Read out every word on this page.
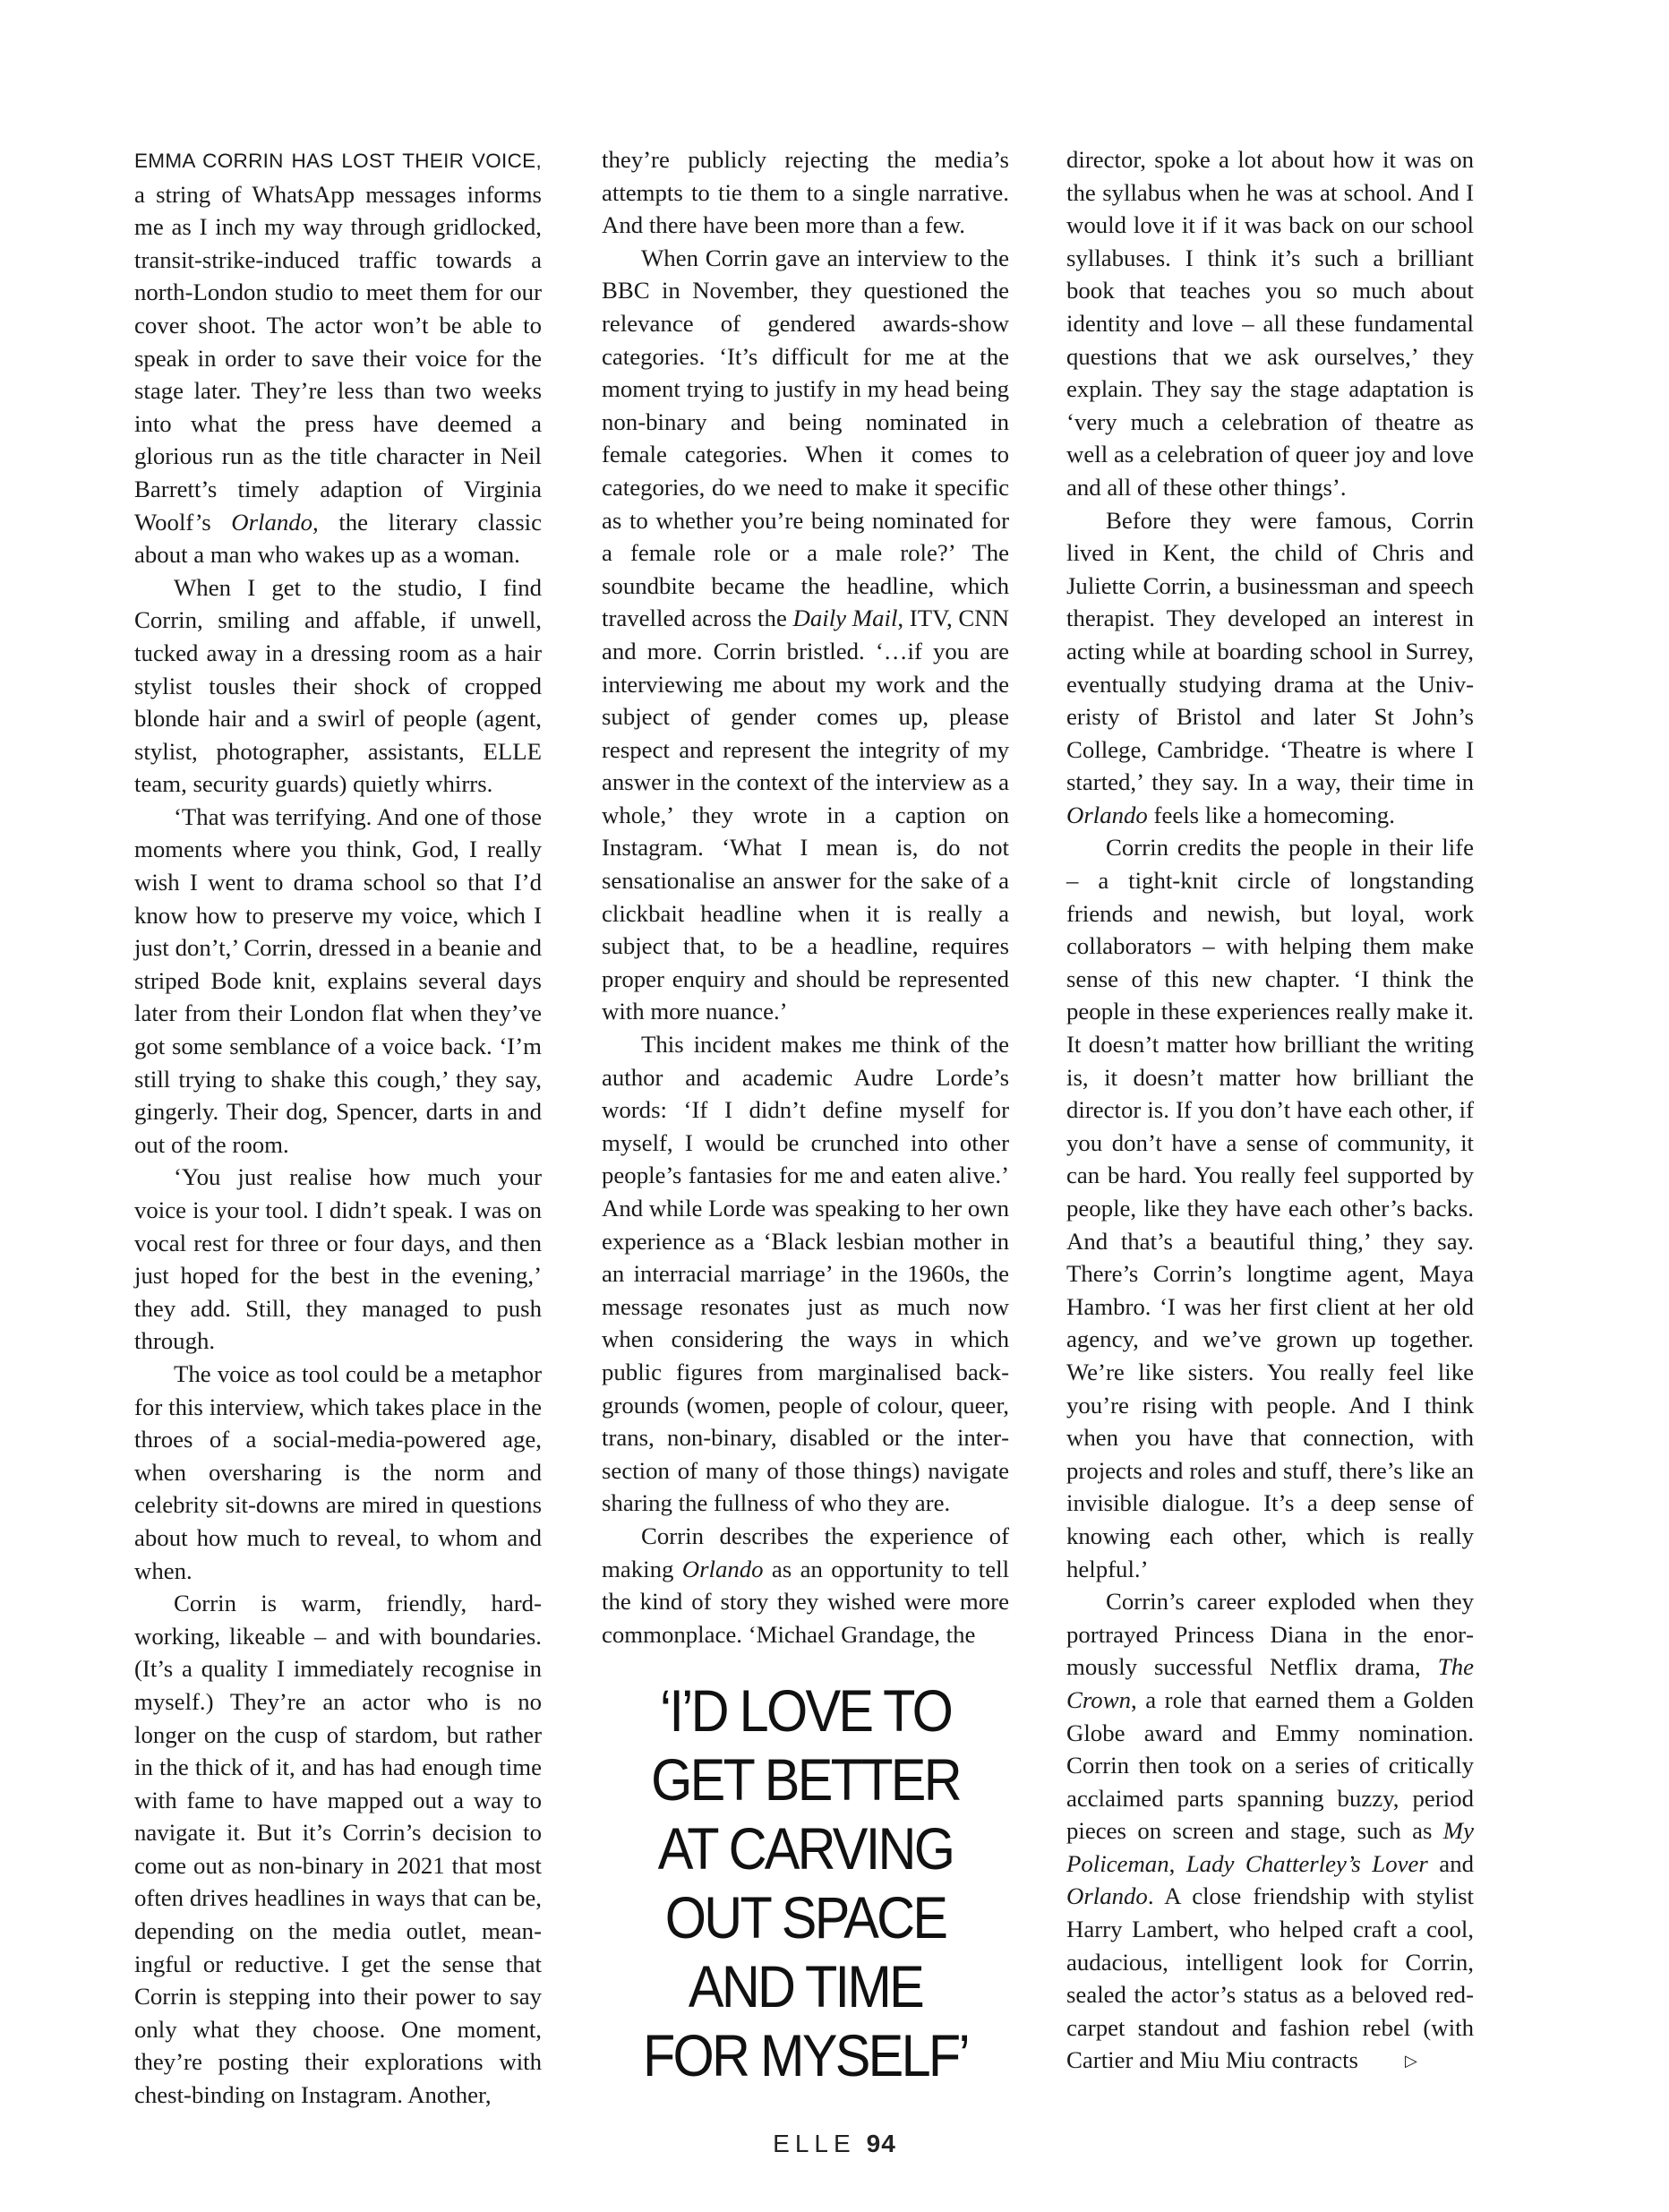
EMMA CORRIN HAS LOST THEIR VOICE, a string of WhatsApp messages informs me as I inch my way through gridlocked, transit-strike-induced traffic towards a north-London studio to meet them for our cover shoot. The actor won’t be able to speak in order to save their voice for the stage later. They’re less than two weeks into what the press have deemed a glorious run as the title character in Neil Barrett’s timely adaption of Virginia Woolf’s Orlando, the literary classic about a man who wakes up as a woman.

When I get to the studio, I find Corrin, smiling and affable, if unwell, tucked away in a dressing room as a hair stylist tousles their shock of cropped blonde hair and a swirl of people (agent, stylist, photographer, assistants, ELLE team, security guards) quietly whirrs.

‘That was terrifying. And one of those moments where you think, God, I really wish I went to drama school so that I’d know how to preserve my voice, which I just don’t,’ Corrin, dressed in a beanie and striped Bode knit, explains several days later from their London flat when they’ve got some semblance of a voice back. ‘I’m still trying to shake this cough,’ they say, gingerly. Their dog, Spencer, darts in and out of the room.

‘You just realise how much your voice is your tool. I didn’t speak. I was on vocal rest for three or four days, and then just hoped for the best in the evening,’ they add. Still, they managed to push through.

The voice as tool could be a metaphor for this interview, which takes place in the throes of a social-media-powered age, when oversharing is the norm and celebrity sit-downs are mired in questions about how much to reveal, to whom and when.

Corrin is warm, friendly, hardworking, likeable – and with boundaries. (It’s a quality I immediately recognise in myself.) They’re an actor who is no longer on the cusp of stardom, but rather in the thick of it, and has had enough time with fame to have mapped out a way to navigate it. But it’s Corrin’s decision to come out as non-binary in 2021 that most often drives headlines in ways that can be, depending on the media outlet, meaningful or reductive. I get the sense that Corrin is stepping into their power to say only what they choose. One moment, they’re posting their explorations with chest-binding on Instagram. Another,

they’re publicly rejecting the media’s attempts to tie them to a single narrative. And there have been more than a few.

When Corrin gave an interview to the BBC in November, they questioned the relevance of gendered awards-show categories. ‘It’s difficult for me at the moment trying to justify in my head being non-binary and being nominated in female categories. When it comes to categories, do we need to make it specific as to whether you’re being nominated for a female role or a male role?’ The soundbite became the headline, which travelled across the Daily Mail, ITV, CNN and more. Corrin bristled. ‘…if you are interviewing me about my work and the subject of gender comes up, please respect and represent the integrity of my answer in the context of the interview as a whole,’ they wrote in a caption on Instagram. ‘What I mean is, do not sensationalise an answer for the sake of a clickbait headline when it is really a subject that, to be a headline, requires proper enquiry and should be represented with more nuance.’

This incident makes me think of the author and academic Audre Lorde’s words: ‘If I didn’t define myself for myself, I would be crunched into other people’s fantasies for me and eaten alive.’ And while Lorde was speaking to her own experience as a ‘Black lesbian mother in an interracial marriage’ in the 1960s, the message resonates just as much now when considering the ways in which public figures from marginalised backgrounds (women, people of colour, queer, trans, non-binary, disabled or the intersection of many of those things) navigate sharing the fullness of who they are.

Corrin describes the experience of making Orlando as an opportunity to tell the kind of story they wished were more commonplace. ‘Michael Grandage, the

‘I’D LOVE TO
GET BETTER
AT CARVING
OUT SPACE
AND TIME
FOR MYSELF’

director, spoke a lot about how it was on the syllabus when he was at school. And I would love it if it was back on our school syllabuses. I think it’s such a brilliant book that teaches you so much about identity and love – all these fundamental questions that we ask ourselves,’ they explain. They say the stage adaptation is ‘very much a celebration of theatre as well as a celebration of queer joy and love and all of these other things’.

Before they were famous, Corrin lived in Kent, the child of Chris and Juliette Corrin, a businessman and speech therapist. They developed an interest in acting while at boarding school in Surrey, eventually studying drama at the Univeristy of Bristol and later St John’s College, Cambridge. ‘Theatre is where I started,’ they say. In a way, their time in Orlando feels like a homecoming.

Corrin credits the people in their life – a tight-knit circle of longstanding friends and newish, but loyal, work collaborators – with helping them make sense of this new chapter. ‘I think the people in these experiences really make it. It doesn’t matter how brilliant the writing is, it doesn’t matter how brilliant the director is. If you don’t have each other, if you don’t have a sense of community, it can be hard. You really feel supported by people, like they have each other’s backs. And that’s a beautiful thing,’ they say. There’s Corrin’s longtime agent, Maya Hambro. ‘I was her first client at her old agency, and we’ve grown up together. We’re like sisters. You really feel like you’re rising with people. And I think when you have that connection, with projects and roles and stuff, there’s like an invisible dialogue. It’s a deep sense of knowing each other, which is really helpful.’

Corrin’s career exploded when they portrayed Princess Diana in the enormously successful Netflix drama, The Crown, a role that earned them a Golden Globe award and Emmy nomination. Corrin then took on a series of critically acclaimed parts spanning buzzy, period pieces on screen and stage, such as My Policeman, Lady Chatterley’s Lover and Orlando. A close friendship with stylist Harry Lambert, who helped craft a cool, audacious, intelligent look for Corrin, sealed the actor’s status as a beloved red-carpet standout and fashion rebel (with Cartier and Miu Miu contracts	▷

ELLE 94
